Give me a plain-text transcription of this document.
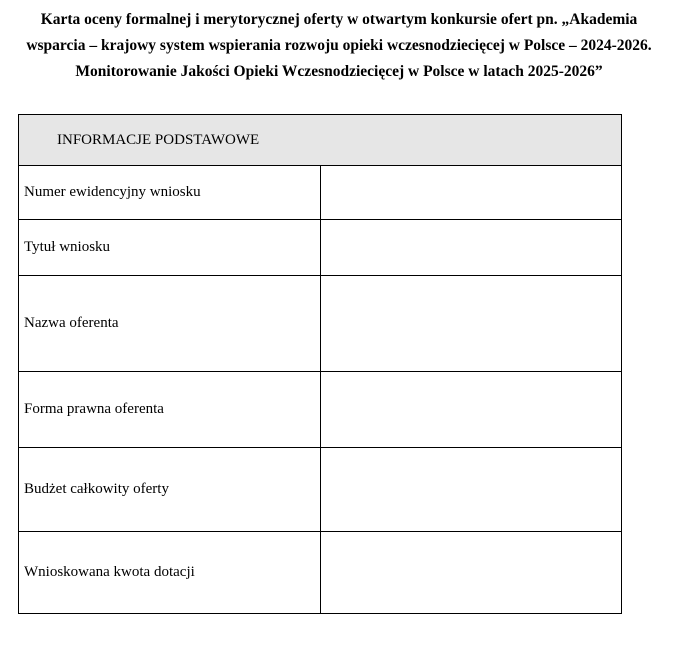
Karta oceny formalnej i merytorycznej oferty w otwartym konkursie ofert pn. „Akademia
wsparcia – krajowy system wspierania rozwoju opieki wczesnodziecięcej w Polsce – 2024-2026.
Monitorowanie Jakości Opieki Wczesnodziecięcej w Polsce w latach 2025-2026”
INFORMACJE PODSTAWOWE	
Numer ewidencyjny wniosku	
Tytuł wniosku	
Nazwa oferenta	
Forma prawna oferenta	
Budżet całkowity oferty	
Wnioskowana kwota dotacji	
